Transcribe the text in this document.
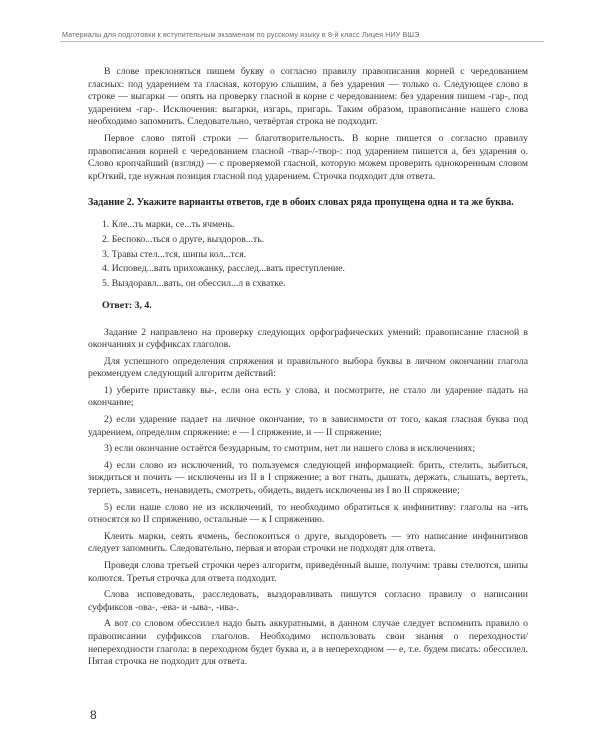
Материалы для подготовки к вступительным экзаменам по русскому языку в 8-й класс Лицея НИУ ВШЭ

В слове преклоняться пишем букву о согласно правилу правописания корней с чередованием гласных: под ударением та гласная, которую слышим, а без ударения — только о. Следующее слово в строке — выгарки — опять на проверку гласной в корне с чередованием: без ударения пишем -гар-, под ударением -гар-. Исключения: выгарки, изгарь, пригарь. Таким образом, правописание нашего слова необходимо запомнить. Следовательно, четвёртая строка не подходит.

Первое слово пятой строки — благотворительность. В корне пишется о согласно правилу правописания корней с чередованием гласной -твар-/-твор-: под ударением пишется а, без ударения о. Слово кропчайший (взгляд) — с проверяемой гласной, которую можем проверить однокоренным словом крОткий, где нужная позиция гласной под ударением. Строчка подходит для ответа.

Задание 2. Укажите варианты ответов, где в обоих словах ряда пропущена одна и та же буква.
1. Кле...ть марки, се...ть ячмень.
2. Беспоко...ться о друге, выздоров...ть.
3. Травы стел...тся, шипы кол...тся.
4. Исповед...вать прихожанку, расслед...вать преступление.
5. Выздоравл...вать, он обессил...л в схватке.
Ответ: 3, 4.

Задание 2 направлено на проверку следующих орфографических умений: правописание гласной в окончаниях и суффиксах глаголов.

Для успешного определения спряжения и правильного выбора буквы в личном окончании глагола рекомендуем следующий алгоритм действий:

1) уберите приставку вы-, если она есть у слова, и посмотрите, не стало ли ударение падать на окончание;

2) если ударение падает на личное окончание, то в зависимости от того, какая гласная буква под ударением, определим спряжение: е — I спряжение, и — II спряжение;

3) если окончание остаётся безударным, то смотрим, нет ли нашего слова в исключениях;

4) если слово из исключений, то пользуемся следующей информацией: брить, стелить, зыбиться, зиждиться и почить — исключены из II в I спряжение; а вот гнать, дышать, держать, слышать, вертеть, терпеть, зависеть, ненавидеть, смотреть, обидеть, видеть исключены из I во II спряжение;

5) если наше слово не из исключений, то необходимо обратиться к инфинитиву: глаголы на -ить относятся ко II спряжению, остальные — к I спряжению.

Клеить марки, сеять ячмень, беспокоиться о друге, выздороветь — это написание инфинитивов следует запомнить. Следовательно, первая и вторая строчки не подходят для ответа.

Проведя слова третьей строчки через алгоритм, приведённый выше, получим: травы стелются, шипы колются. Третья строчка для ответа подходит.

Слова исповедовать, расследовать, выздоравливать пишутся согласно правилу о написании суффиксов -ова-, -ева- и -ыва-, -ива-.

А вот со словом обессилел надо быть аккуратными, в данном случае следует вспомнить правило о правописании суффиксов глаголов. Необходимо использовать свои знания о переходности/непереходности глагола: в переходном будет буква и, а в непереходном — е, т.е. будем писать: обессилел. Пятая строчка не подходит для ответа.

8
